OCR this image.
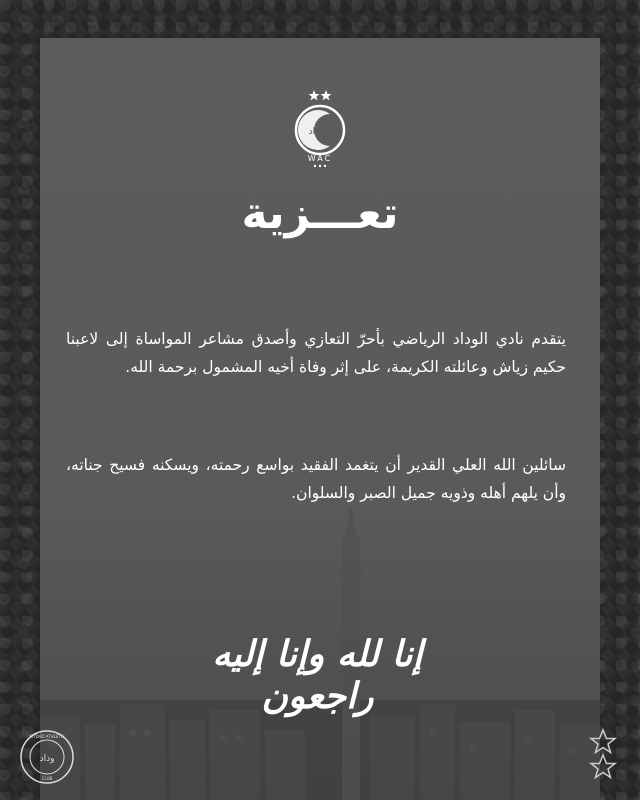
وداد
WAC
تعـــزية
يتقدم نادي الوداد الرياضي بأحرّ التعازي وأصدق مشاعر المواساة إلى لاعبنا حكيم زياش وعائلته الكريمة، على إثر وفاة أخيه المشمول برحمة الله.
سائلين الله العلي القدير أن يتغمد الفقيد بواسع رحمته، ويسكنه فسيح جناته، وأن يلهم أهله وذويه جميل الصبر والسلوان.
إنا لله وإنا إليه راجعون
وداد
WYDAD ATHLETIC
CLUB
